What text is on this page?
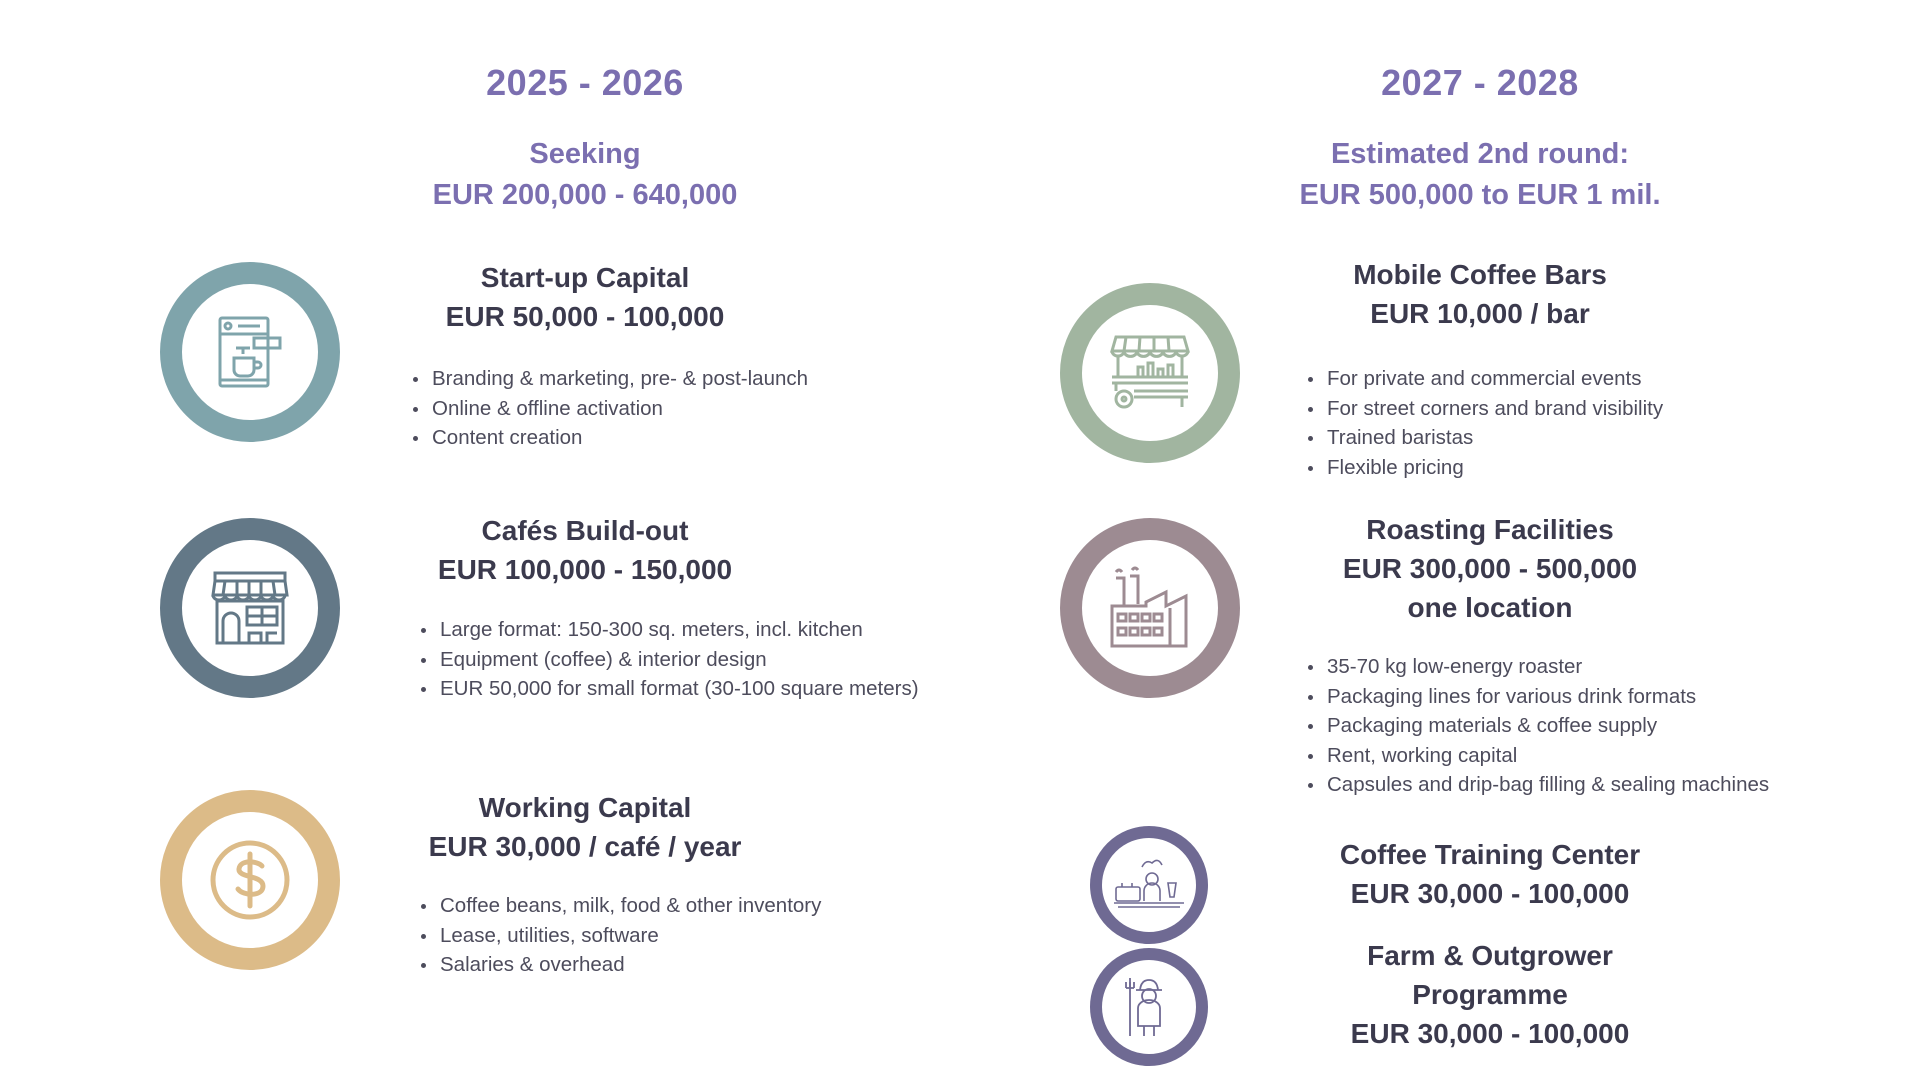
2025 - 2026
Seeking
EUR 200,000 - 640,000
Start-up Capital
EUR 50,000 - 100,000
Branding & marketing, pre- & post-launch
Online & offline activation
Content creation
Cafés Build-out
EUR 100,000 - 150,000
Large format: 150-300 sq. meters, incl. kitchen
Equipment (coffee) & interior design
EUR 50,000 for small format (30-100 square meters)
Working Capital
EUR 30,000 / café / year
Coffee beans, milk, food & other inventory
Lease, utilities, software
Salaries & overhead
2027 - 2028
Estimated 2nd round:
EUR 500,000 to EUR 1 mil.
Mobile Coffee Bars
EUR 10,000 / bar
For private and commercial events
For street corners and brand visibility
Trained baristas
Flexible pricing
Roasting Facilities
EUR 300,000 - 500,000
one location
35-70 kg low-energy roaster
Packaging lines for various drink formats
Packaging materials & coffee supply
Rent, working capital
Capsules and drip-bag filling & sealing machines
Coffee Training Center
EUR 30,000 - 100,000
Farm & Outgrower
Programme
EUR 30,000 - 100,000
